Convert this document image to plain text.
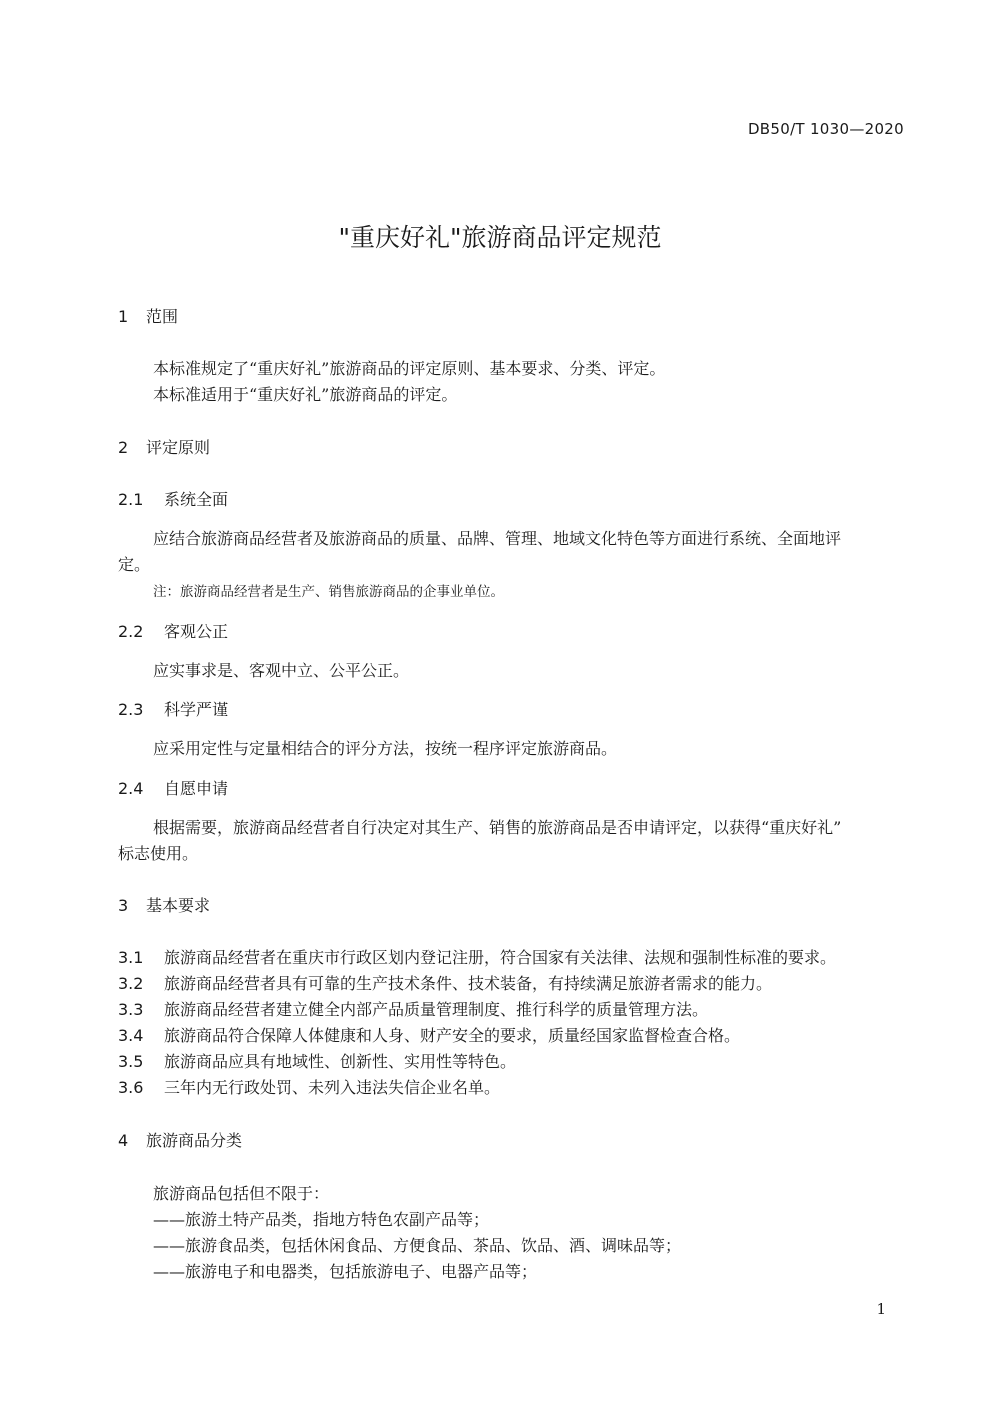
DB50/T 1030—2020
"重庆好礼"旅游商品评定规范
1 范围
本标准规定了“重庆好礼”旅游商品的评定原则、基本要求、分类、评定。
本标准适用于“重庆好礼”旅游商品的评定。
2 评定原则
2.1 系统全面
应结合旅游商品经营者及旅游商品的质量、品牌、管理、地域文化特色等方面进行系统、全面地评
定。
注：旅游商品经营者是生产、销售旅游商品的企事业单位。
2.2 客观公正
应实事求是、客观中立、公平公正。
2.3 科学严谨
应采用定性与定量相结合的评分方法，按统一程序评定旅游商品。
2.4 自愿申请
根据需要，旅游商品经营者自行决定对其生产、销售的旅游商品是否申请评定，以获得“重庆好礼”
标志使用。
3 基本要求
3.1 旅游商品经营者在重庆市行政区划内登记注册，符合国家有关法律、法规和强制性标准的要求。
3.2 旅游商品经营者具有可靠的生产技术条件、技术装备，有持续满足旅游者需求的能力。
3.3 旅游商品经营者建立健全内部产品质量管理制度、推行科学的质量管理方法。
3.4 旅游商品符合保障人体健康和人身、财产安全的要求，质量经国家监督检查合格。
3.5 旅游商品应具有地域性、创新性、实用性等特色。
3.6 三年内无行政处罚、未列入违法失信企业名单。
4 旅游商品分类
旅游商品包括但不限于：
——旅游土特产品类，指地方特色农副产品等；
——旅游食品类，包括休闲食品、方便食品、茶品、饮品、酒、调味品等；
——旅游电子和电器类，包括旅游电子、电器产品等；
1
